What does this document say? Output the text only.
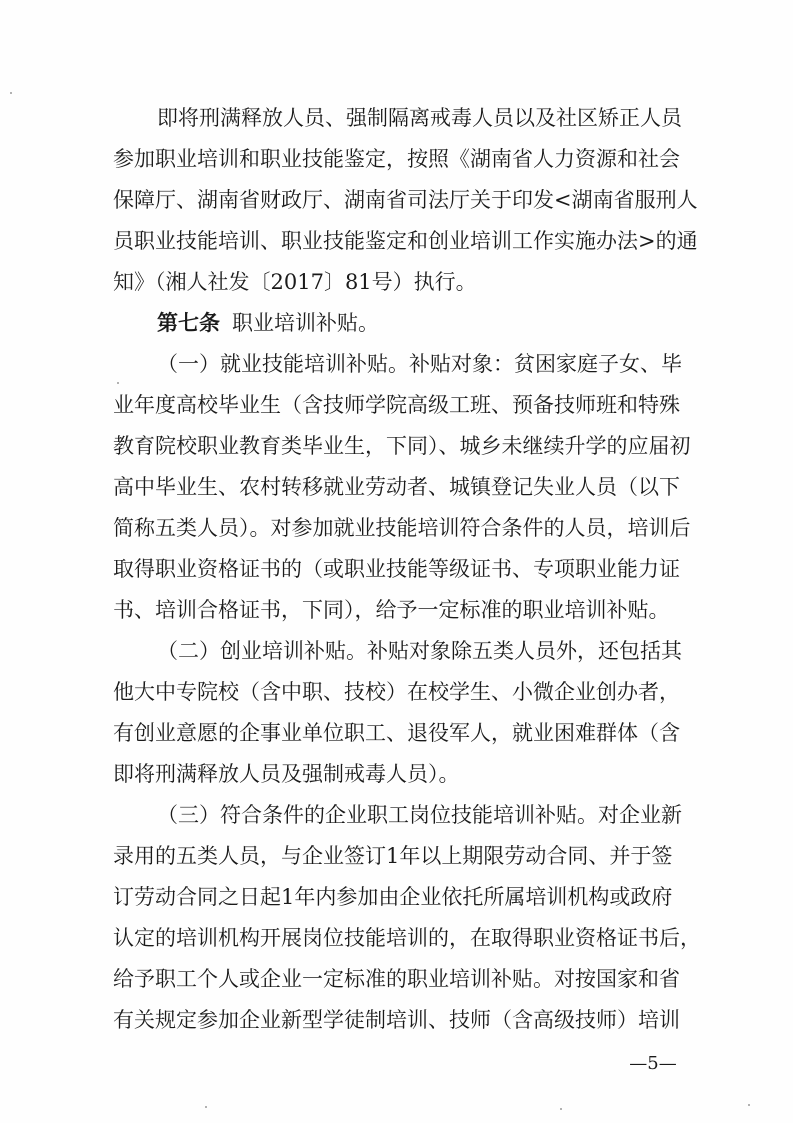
即将刑满释放人员、强制隔离戒毒人员以及社区矫正人员
参加职业培训和职业技能鉴定，按照《湖南省人力资源和社会
保障厅、湖南省财政厅、湖南省司法厅关于印发<湖南省服刑人
员职业技能培训、职业技能鉴定和创业培训工作实施办法>的通
知》（湘人社发〔2017〕81号）执行。
第七条 职业培训补贴。
（一）就业技能培训补贴。补贴对象：贫困家庭子女、毕
业年度高校毕业生（含技师学院高级工班、预备技师班和特殊
教育院校职业教育类毕业生，下同）、城乡未继续升学的应届初
高中毕业生、农村转移就业劳动者、城镇登记失业人员（以下
简称五类人员）。对参加就业技能培训符合条件的人员，培训后
取得职业资格证书的（或职业技能等级证书、专项职业能力证
书、培训合格证书，下同），给予一定标准的职业培训补贴。
（二）创业培训补贴。补贴对象除五类人员外，还包括其
他大中专院校（含中职、技校）在校学生、小微企业创办者，
有创业意愿的企事业单位职工、退役军人，就业困难群体（含
即将刑满释放人员及强制戒毒人员）。
（三）符合条件的企业职工岗位技能培训补贴。对企业新
录用的五类人员，与企业签订1年以上期限劳动合同、并于签
订劳动合同之日起1年内参加由企业依托所属培训机构或政府
认定的培训机构开展岗位技能培训的，在取得职业资格证书后，
给予职工个人或企业一定标准的职业培训补贴。对按国家和省
有关规定参加企业新型学徒制培训、技师（含高级技师）培训
—5—
